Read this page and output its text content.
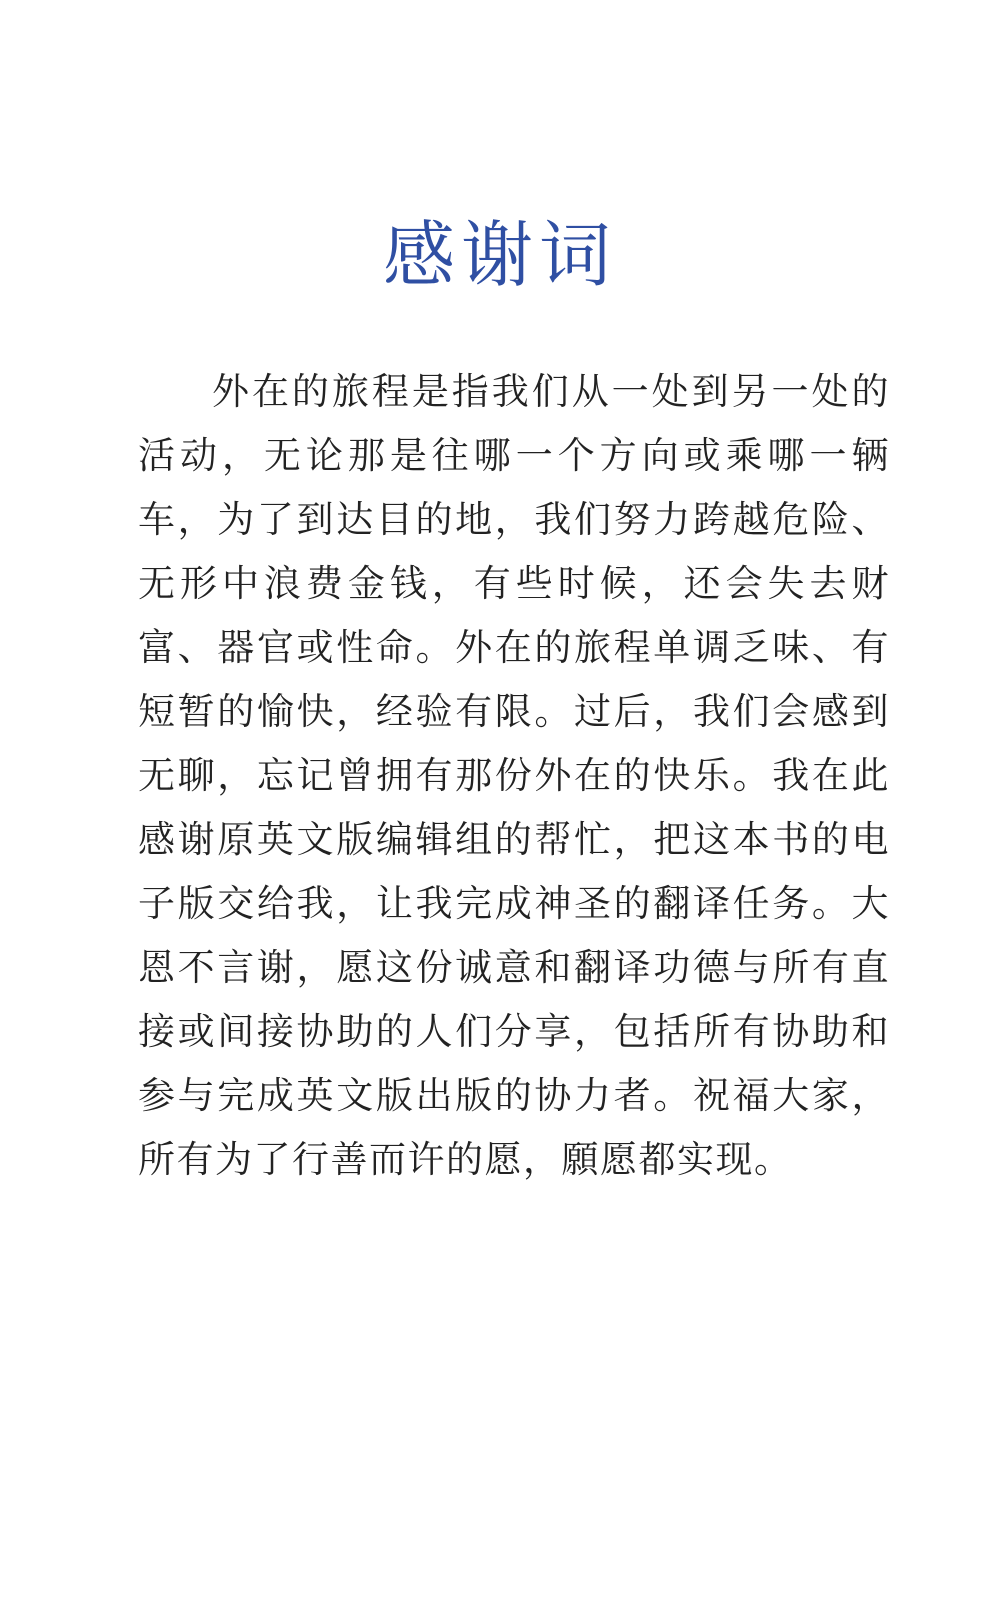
感谢词

外在的旅程是指我们从一处到另一处的活动，无论那是往哪一个方向或乘哪一辆车，为了到达目的地，我们努力跨越危险、无形中浪费金钱，有些时候，还会失去财富、器官或性命。外在的旅程单调乏味、有短暂的愉快，经验有限。过后，我们会感到无聊，忘记曾拥有那份外在的快乐。我在此感谢原英文版编辑组的帮忙，把这本书的电子版交给我，让我完成神圣的翻译任务。大恩不言谢，愿这份诚意和翻译功德与所有直接或间接协助的人们分享，包括所有协助和参与完成英文版出版的协力者。祝福大家，所有为了行善而许的愿，願愿都实现。
